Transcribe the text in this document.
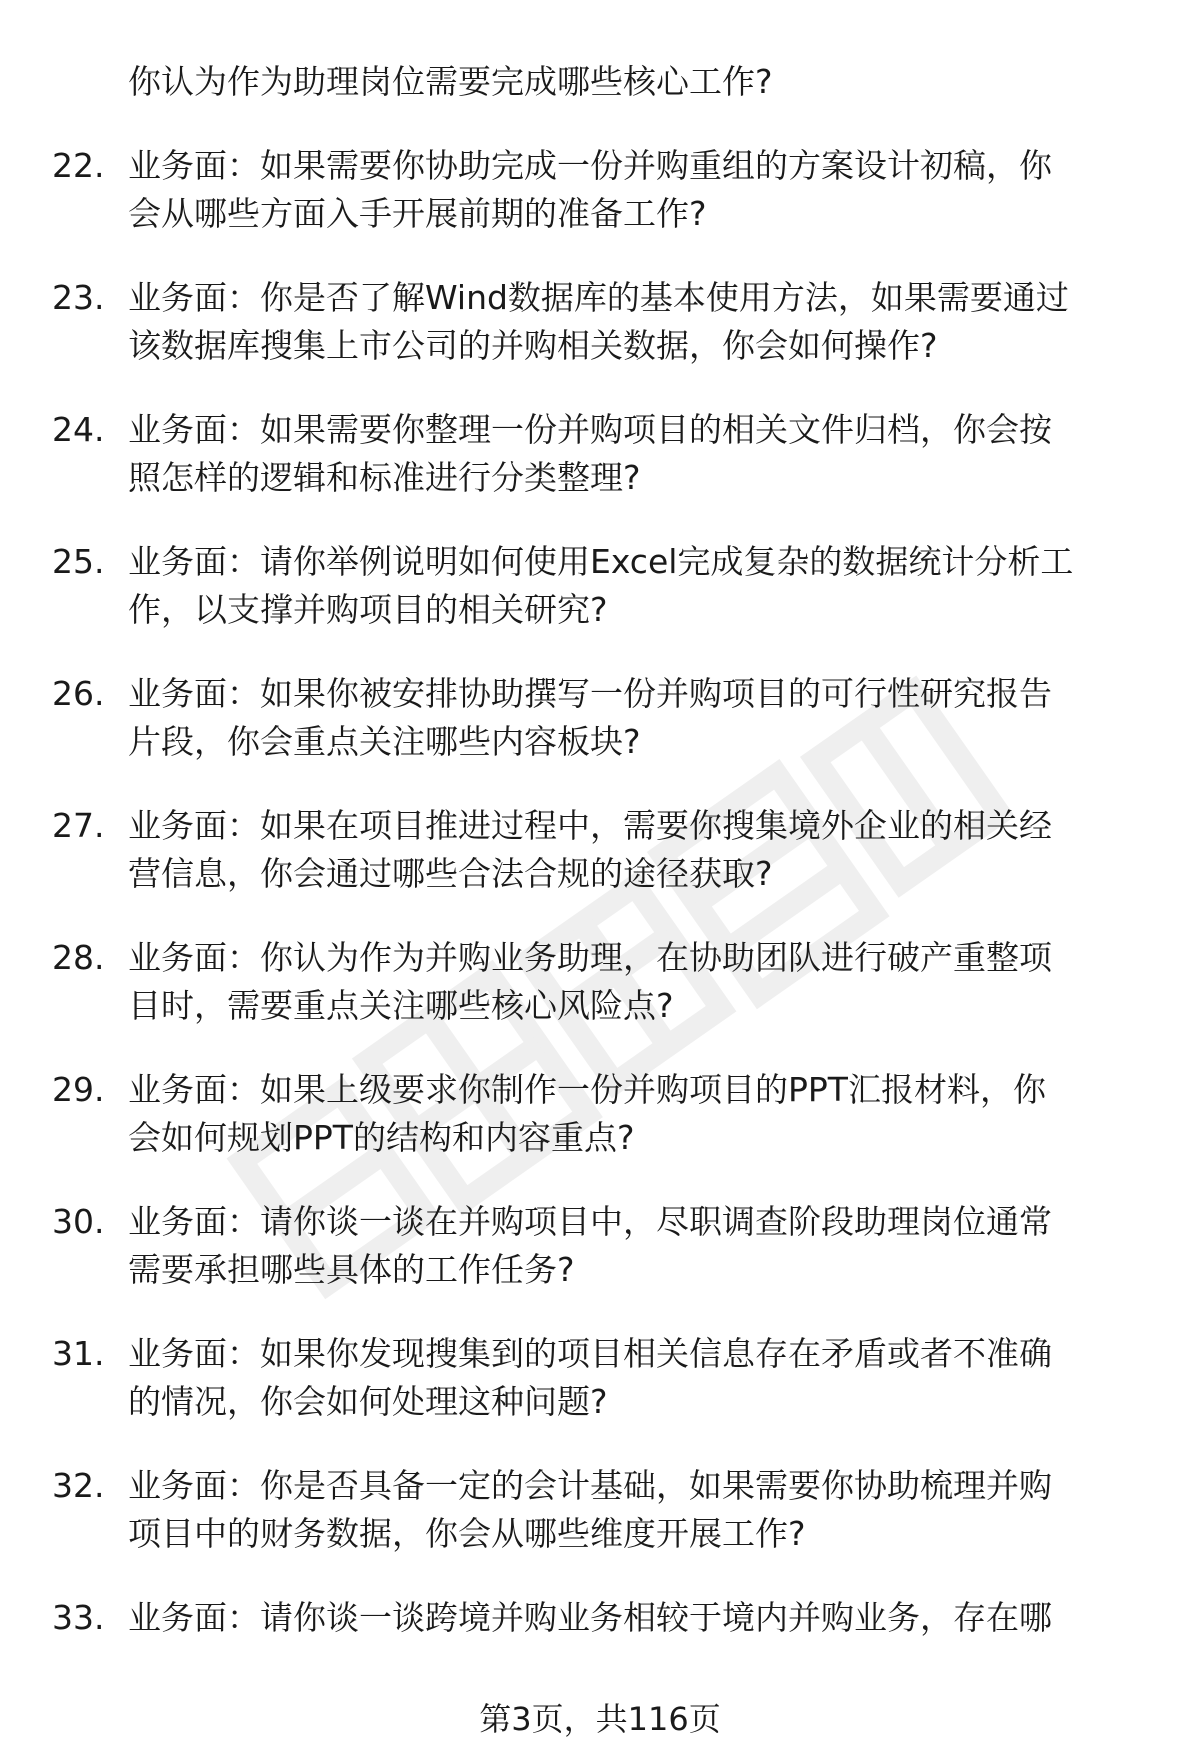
你认为作为助理岗位需要完成哪些核心工作?
22. 业务面：如果需要你协助完成一份并购重组的方案设计初稿，你
会从哪些方面入手开展前期的准备工作?
23. 业务面：你是否了解Wind数据库的基本使用方法，如果需要通过
该数据库搜集上市公司的并购相关数据，你会如何操作?
24. 业务面：如果需要你整理一份并购项目的相关文件归档，你会按
照怎样的逻辑和标准进行分类整理?
25. 业务面：请你举例说明如何使用Excel完成复杂的数据统计分析工
作，以支撑并购项目的相关研究?
26. 业务面：如果你被安排协助撰写一份并购项目的可行性研究报告
片段，你会重点关注哪些内容板块?
27. 业务面：如果在项目推进过程中，需要你搜集境外企业的相关经
营信息，你会通过哪些合法合规的途径获取?
28. 业务面：你认为作为并购业务助理，在协助团队进行破产重整项
目时，需要重点关注哪些核心风险点?
29. 业务面：如果上级要求你制作一份并购项目的PPT汇报材料，你
会如何规划PPT的结构和内容重点?
30. 业务面：请你谈一谈在并购项目中，尽职调查阶段助理岗位通常
需要承担哪些具体的工作任务?
31. 业务面：如果你发现搜集到的项目相关信息存在矛盾或者不准确
的情况，你会如何处理这种问题?
32. 业务面：你是否具备一定的会计基础，如果需要你协助梳理并购
项目中的财务数据，你会从哪些维度开展工作?
33. 业务面：请你谈一谈跨境并购业务相较于境内并购业务，存在哪
第3页，共116页
